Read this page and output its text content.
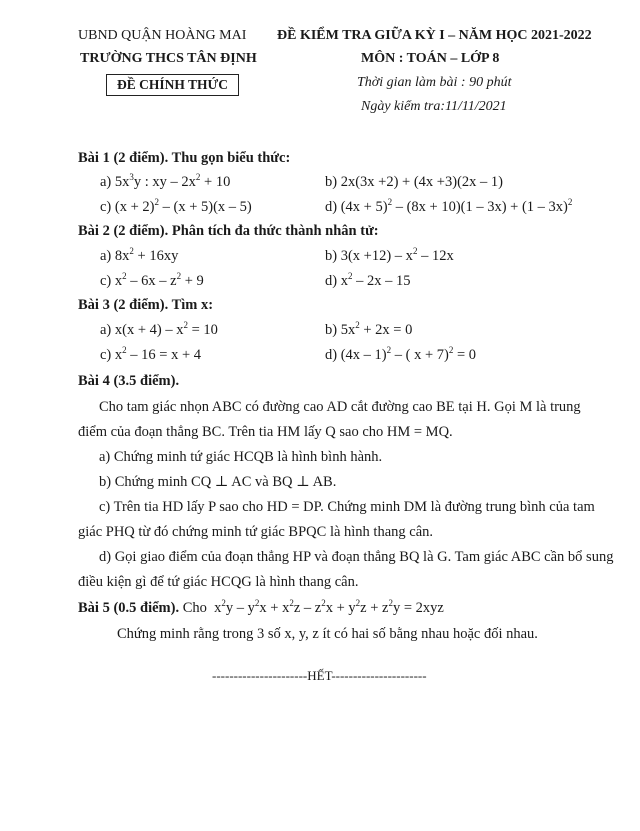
UBND QUẬN HOÀNG MAI
TRƯỜNG THCS TÂN ĐỊNH
ĐỀ CHÍNH THỨC
ĐỀ KIỂM TRA GIỮA KỲ I – NĂM HỌC 2021-2022
MÔN : TOÁN – LỚP 8
Thời gian làm bài : 90 phút
Ngày kiểm tra:11/11/2021
Bài 1 (2 điểm). Thu gọn biểu thức:
a) $5x^3y$ : xy – $2x^2 + 10$	b) 2x(3x +2) + (4x +3)(2x – 1)
c) $(x + 2)^2 - (x + 5)(x - 5)$	d) $(4x + 5)^2 - (8x + 10)(1 - 3x) + (1 - 3x)^2$
Bài 2 (2 điểm). Phân tích đa thức thành nhân tử:
a) $8x^2 + 16xy$	b) $3(x +12) - x^2 - 12x$
c) $x^2 - 6x - z^2 + 9$	d) $x^2 - 2x - 15$
Bài 3 (2 điểm). Tìm x:
a) $x(x + 4) - x^2 = 10$	b) $5x^2 + 2x = 0$
c) $x^2 - 16 = x + 4$	d) (4x – 1)$^2$ – ( x + 7)$^2$ = 0
Bài 4 (3.5 điểm).
Cho tam giác nhọn ABC có đường cao AD cắt đường cao BE tại H. Gọi M là trung
điểm của đoạn thẳng BC. Trên tia HM lấy Q sao cho HM = MQ.
a) Chứng minh tứ giác HCQB là hình bình hành.
b) Chứng minh CQ ⊥ AC và BQ ⊥ AB.
c) Trên tia HD lấy P sao cho HD = DP. Chứng minh DM là đường trung bình của tam
giác PHQ từ đó chứng minh tứ giác BPQC là hình thang cân.
d) Gọi giao điểm của đoạn thẳng HP và đoạn thẳng BQ là G. Tam giác ABC cần bổ sung
điều kiện gì để tứ giác HCQG là hình thang cân.
Bài 5 (0.5 điểm). Cho $x^2y - y^2x + x^2z - z^2x + y^2z + z^2y = 2xyz$
Chứng minh rằng trong 3 số x, y, z ít có hai số bằng nhau hoặc đối nhau.
----------------------HẾT----------------------
